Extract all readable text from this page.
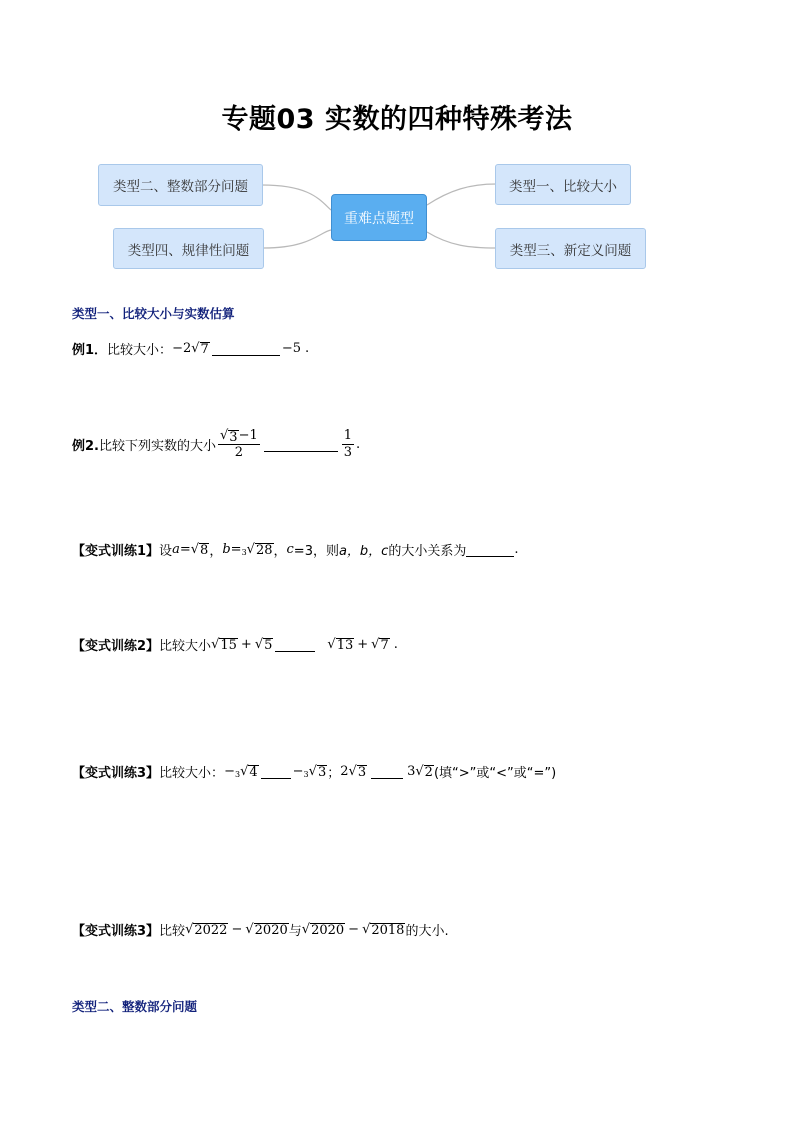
专题03 实数的四种特殊考法
类型二、整数部分问题
类型四、规律性问题
重难点题型
类型一、比较大小
类型三、新定义问题
类型一、比较大小与实数估算
例1． 比较大小： −2 √ 7	−5 .
例2. 比较下列实数的大小 $\frac{√ 3 -1}{2}$	$\frac{1}{3}$ .
【变式训练1】 设 a = √ 8 ， b = 3 √ 28 ， c =3，则 a，b，c 的大小关系为	.
【变式训练2】 比较大小 √ 15 + √ 5	√ 13 + √ 7 .
【变式训练3】 比较大小： − 3 √ 4	− 3 √ 3 ； 2 √ 3	3 √ 2 (填“>”或“<”或“=”)
【变式训练3】 比较 √ 2022 − √ 2020 与 √ 2020 − √ 2018 的大小.
类型二、整数部分问题
